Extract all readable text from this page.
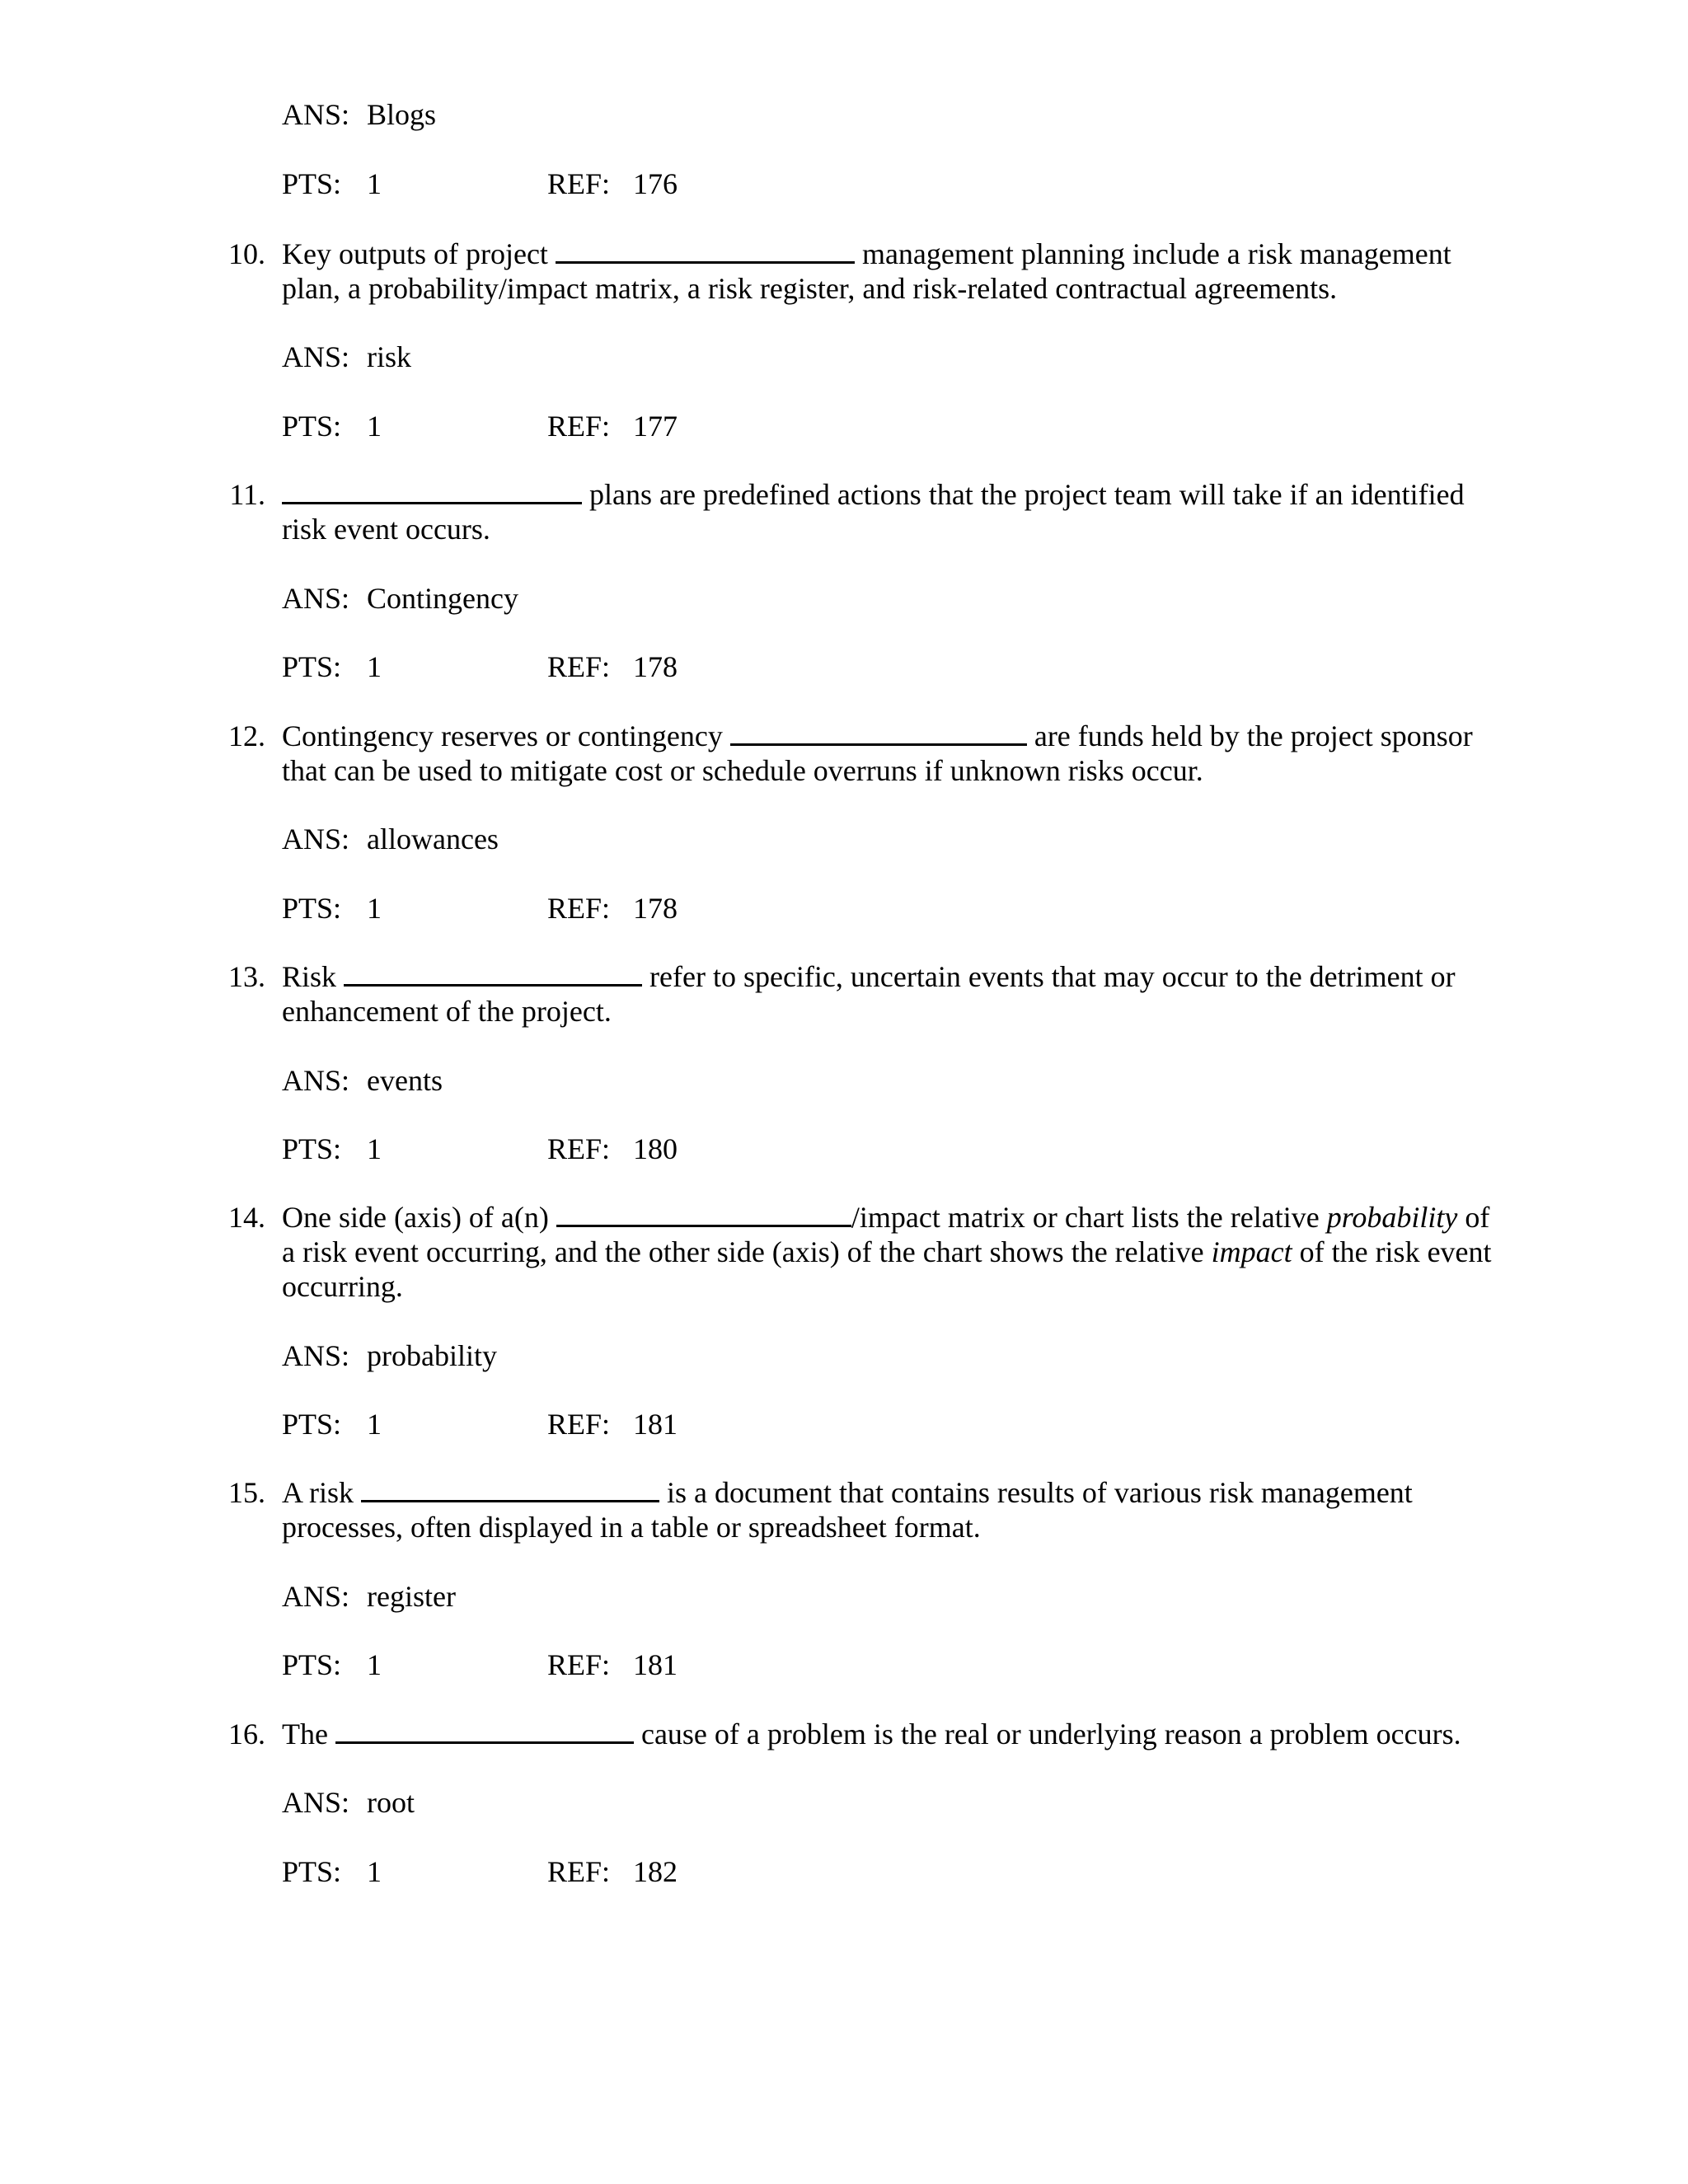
ANS: Blogs
PTS: 1	REF: 176
10. Key outputs of project	management planning include a risk management
plan, a probability/impact matrix, a risk register, and risk-related contractual agreements.
ANS: risk
PTS: 1	REF: 177
11.	plans are predefined actions that the project team will take if an identified
risk event occurs.
ANS: Contingency
PTS: 1	REF: 178
12. Contingency reserves or contingency	are funds held by the project sponsor
that can be used to mitigate cost or schedule overruns if unknown risks occur.
ANS: allowances
PTS: 1	REF: 178
13. Risk	refer to specific, uncertain events that may occur to the detriment or
enhancement of the project.
ANS: events
PTS: 1	REF: 180
14. One side (axis) of a(n)	/impact matrix or chart lists the relative probability of
a risk event occurring, and the other side (axis) of the chart shows the relative impact of the risk event
occurring.
ANS: probability
PTS: 1	REF: 181
15. A risk	is a document that contains results of various risk management
processes, often displayed in a table or spreadsheet format.
ANS: register
PTS: 1	REF: 181
16. The	cause of a problem is the real or underlying reason a problem occurs.
ANS: root
PTS: 1	REF: 182
